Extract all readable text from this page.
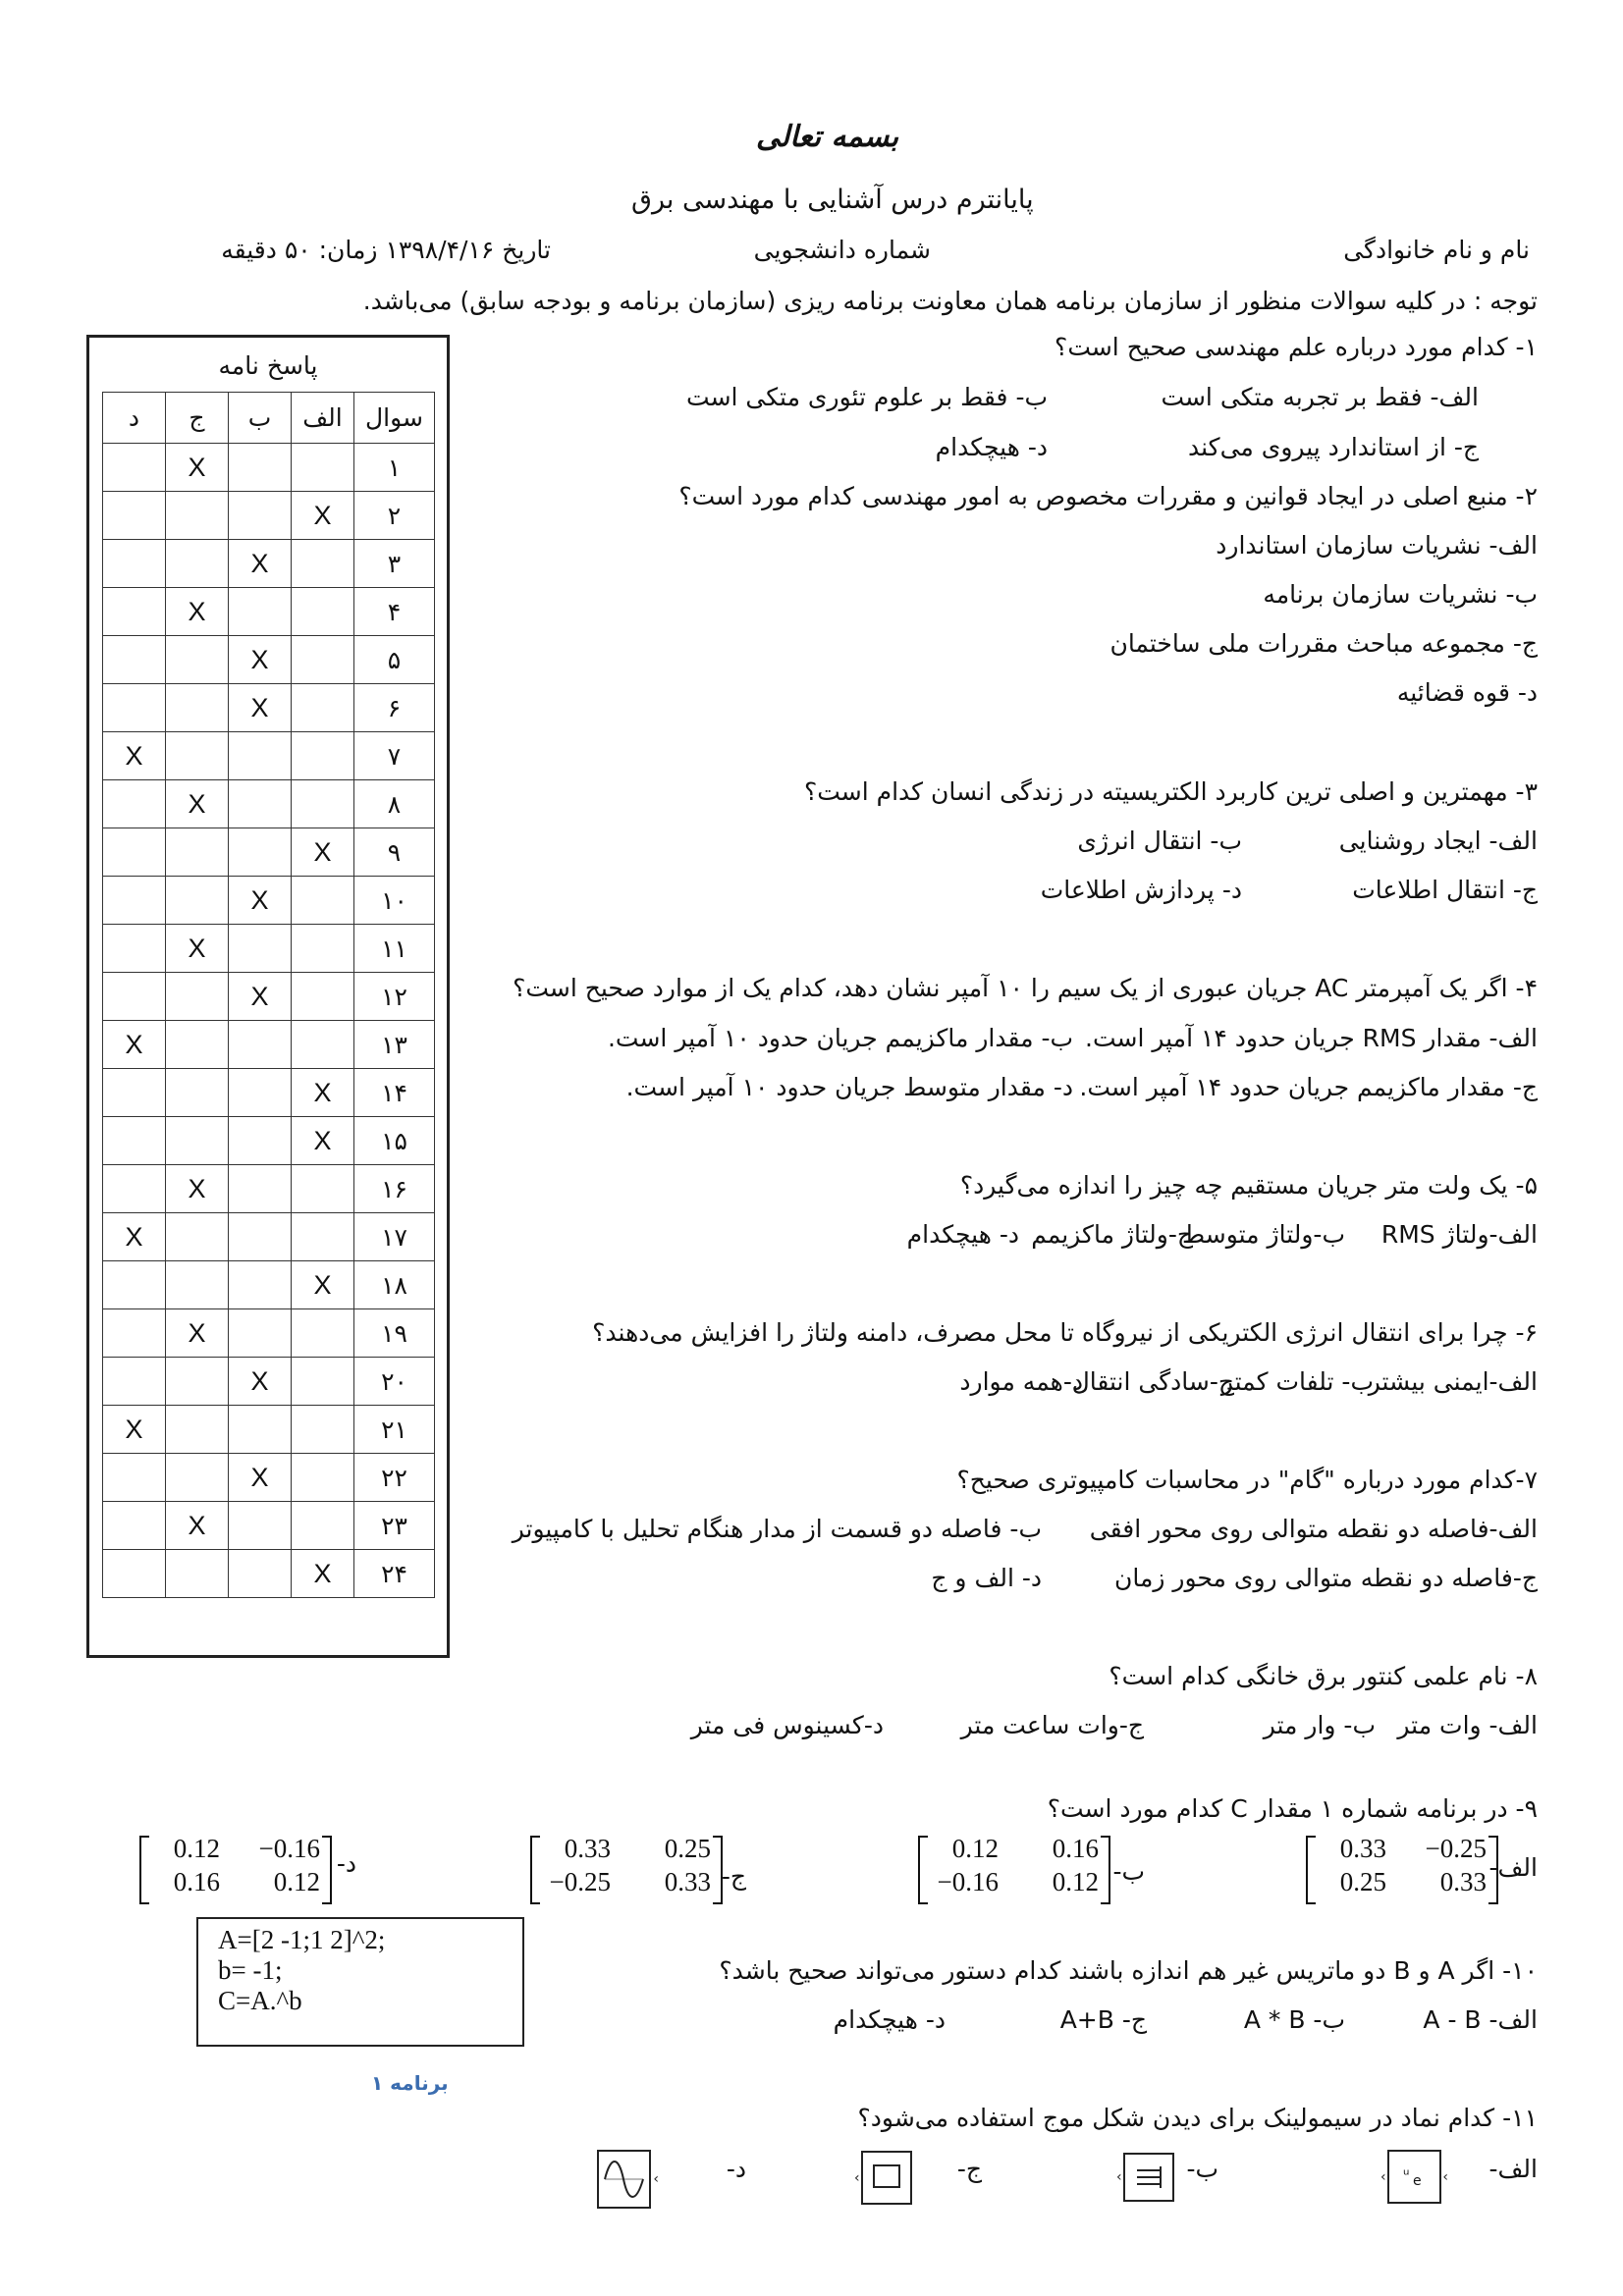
بسمه تعالی
پایانترم درس آشنایی با مهندسی برق
نام و نام خانوادگی
شماره دانشجویی
تاریخ ۱۳۹۸/۴/۱۶ زمان: ۵۰ دقیقه
توجه : در کلیه سوالات منظور از سازمان برنامه همان معاونت برنامه ریزی (سازمان برنامه و بودجه سابق) می‌باشد.
پاسخ نامه
سوال	الف	ب	ج	د
۱			X	
۲	X			
۳		X		
۴			X	
۵		X		
۶		X		
۷				X
۸			X	
۹	X			
۱۰		X		
۱۱			X	
۱۲		X		
۱۳				X
۱۴	X			
۱۵	X			
۱۶			X	
۱۷				X
۱۸	X			
۱۹			X	
۲۰		X		
۲۱				X
۲۲		X		
۲۳			X	
۲۴	X			
۱- کدام مورد درباره علم مهندسی صحیح است؟
الف- فقط بر تجربه متکی است
ب- فقط بر علوم تئوری متکی است
ج- از استاندارد پیروی می‌کند
د- هیچکدام
۲- منبع اصلی در ایجاد قوانین و مقررات مخصوص به امور مهندسی کدام مورد است؟
الف- نشریات سازمان استاندارد
ب- نشریات سازمان برنامه
ج- مجموعه مباحث مقررات ملی ساختمان
د- قوه قضائیه
۳- مهمترین و اصلی ترین کاربرد الکتریسیته در زندگی انسان کدام است؟
الف- ایجاد روشنایی
ب- انتقال انرژی
ج- انتقال اطلاعات
د- پردازش اطلاعات
۴- اگر یک آمپرمتر AC جریان عبوری از یک سیم را ۱۰ آمپر نشان دهد، کدام یک از موارد صحیح است؟
الف- مقدار RMS جریان حدود ۱۴ آمپر است.
ب- مقدار ماکزیمم جریان حدود ۱۰ آمپر است.
ج- مقدار ماکزیمم جریان حدود ۱۴ آمپر است.
د- مقدار متوسط جریان حدود ۱۰ آمپر است.
۵- یک ولت متر جریان مستقیم چه چیز را اندازه می‌گیرد؟
الف-ولتاژ RMS
ب-ولتاژ متوسط
ج-ولتاژ ماکزیمم
د- هیچکدام
۶- چرا برای انتقال انرژی الکتریکی از نیروگاه تا محل مصرف، دامنه ولتاژ را افزایش می‌دهند؟
الف-ایمنی بیشتر
ب- تلفات کمتر
ج-سادگی انتقال
د-همه موارد
۷-کدام مورد درباره "گام" در محاسبات کامپیوتری صحیح؟
الف-فاصله دو نقطه متوالی روی محور افقی
ب- فاصله دو قسمت از مدار هنگام تحلیل با کامپیوتر
ج-فاصله دو نقطه متوالی روی محور زمان
د- الف و ج
۸- نام علمی کنتور برق خانگی کدام است؟
الف- وات متر
ب- وار متر
ج-وات ساعت متر
د-کسینوس فی متر
۹- در برنامه شماره ۱ مقدار C کدام مورد است؟
الف-
0.33 −0.25
0.25	0.33
ب-
0.12	0.16
−0.16	0.12
ج-
0.33	0.25
−0.25	0.33
د-
0.12 −0.16
0.16	0.12
A=[2 -1;1 2]^2;
b= -1;
C=A.^b
برنامه ۱
۱۰- اگر A و B دو ماتریس غیر هم اندازه باشند کدام دستور می‌تواند صحیح باشد؟
الف- A - B
ب- A * B
ج- A+B
د- هیچکدام
۱۱- کدام نماد در سیمولینک برای دیدن شکل موج استفاده می‌شود؟
الف-
› ᵘ e ›
ب-
›
ج-
›
د-
›
